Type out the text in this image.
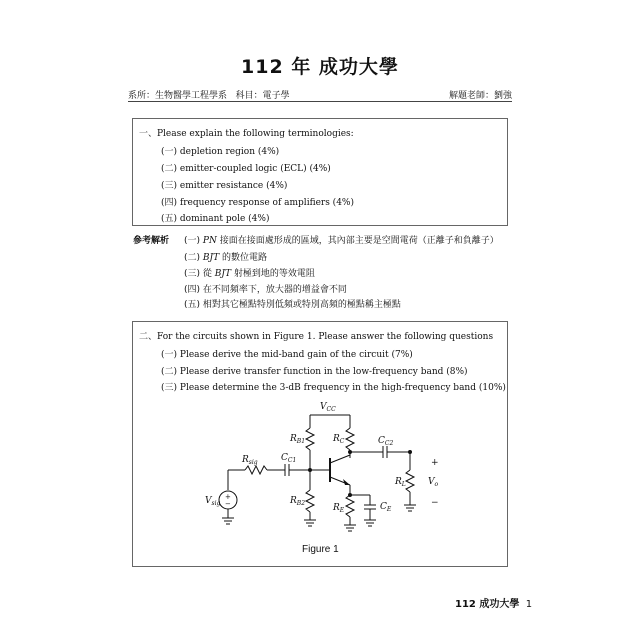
112 年 成功大學
系所：生物醫學工程學系 科目：電子學	解題老師：劉強
一、Please explain the following terminologies:
(一) depletion region (4%)
(二) emitter-coupled logic (ECL) (4%)
(三) emitter resistance (4%)
(四) frequency response of amplifiers (4%)
(五) dominant pole (4%)
參考解析 (一) PN 接面在接面處形成的區域，其內部主要是空間電荷（正離子和負離子）
(二) BJT 的數位電路
(三) 從 BJT 射極到地的等效電阻
(四) 在不同頻率下，放大器的增益會不同
(五) 相對其它極點特別低頻或特別高頻的極點稱主極點
二、For the circuits shown in Figure 1. Please answer the following questions
(一) Please derive the mid-band gain of the circuit (7%)
(二) Please derive transfer function in the low-frequency band (8%)
(三) Please determine the 3-dB frequency in the high-frequency band (10%)
+
−
$V_{CC}$
$R_{B1}$
$R_{B2}$
$R_C$
$R_E$
$R_{sig}$
$V_{sig}$
$C_{C1}$
$C_{C2}$
$C_E$
$R_L$ $V_o$
+
−
Figure 1
112 成功大學 1
